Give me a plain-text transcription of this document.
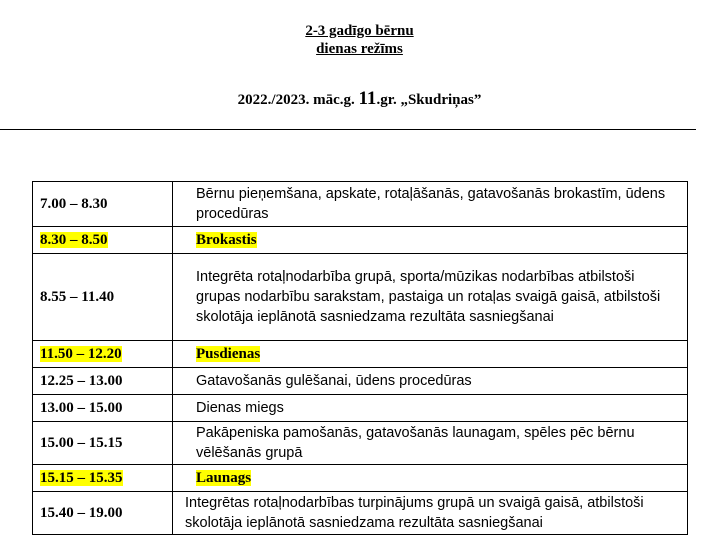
2-3 gadīgo bērnu
dienas režīms
2022./2023. māc.g. 11.gr. „Skudriņas”
7.00 – 8.30	Bērnu pieņemšana, apskate, rotaļāšanās, gatavošanās brokastīm, ūdens procedūras
8.30 – 8.50	Brokastis
8.55 – 11.40	Integrēta rotaļnodarbība grupā, sporta/mūzikas nodarbības atbilstoši grupas nodarbību sarakstam, pastaiga un rotaļas svaigā gaisā, atbilstoši skolotāja ieplānotā sasniedzama rezultāta sasniegšanai
11.50 – 12.20	Pusdienas
12.25 – 13.00	Gatavošanās gulēšanai, ūdens procedūras
13.00 – 15.00	Dienas miegs
15.00 – 15.15	Pakāpeniska pamošanās, gatavošanās launagam, spēles pēc bērnu vēlēšanās grupā
15.15 – 15.35	Launags
15.40 – 19.00	Integrētas rotaļnodarbības turpinājums grupā un svaigā gaisā, atbilstoši skolotāja ieplānotā sasniedzama rezultāta sasniegšanai
